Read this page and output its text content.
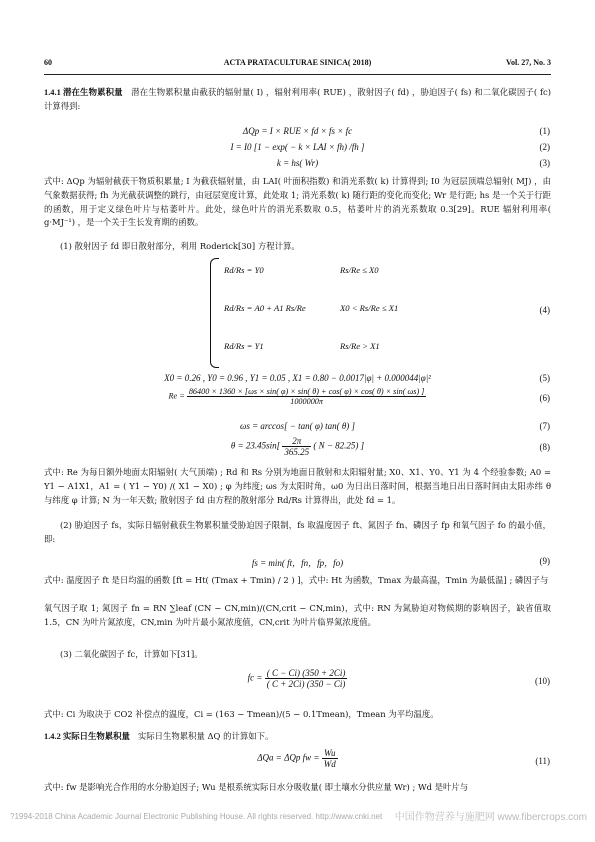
60	ACTA PRATACULTURAE SINICA( 2018)	Vol. 27, No. 3
1.4.1 潜在生物累积量 潜在生物累积量由截获的辐射量( I) ，辐射利用率( RUE) ，散射因子( fd) ，胁迫因子( fs) 和二氧化碳因子( fc) 计算得到:
ΔQp = I × RUE × fd × fs × fc	(1)
I = I0 [1 − exp( − k × LAI × fh) /fh ]	(2)
k = hs( Wr)	(3)
式中: ΔQp 为辐射截获干物质积累量; I 为截获辐射量，由 LAI( 叶面积指数) 和消光系数( k) 计算得到; I0 为冠层顶端总辐射( MJ) ，由气象数据获得; fh 为光截获调整的跳行，由冠层宽度计算，此处取 1; 消光系数( k) 随行距的变化而变化; Wr 是行距; hs 是一个关于行距的函数，用于定义绿色叶片与枯萎叶片。此处，绿色叶片的消光系数取 0.5，枯萎叶片的消光系数取 0.3[29]。RUE 辐射利用率( g·MJ⁻¹) ，是一个关于生长发育期的函数。
(1) 散射因子 fd 即日散射部分，利用 Roderick[30] 方程计算。
Rd/Rs = Y0	Rs/Re ≤ X0
Rd/Rs = A0 + A1 Rs/Re	X0 < Rs/Re ≤ X1
Rd/Rs = Y1	Rs/Re > X1
(4)
X0 = 0.26 , Y0 = 0.96 , Y1 = 0.05 , X1 = 0.80 − 0.0017|φ| + 0.000044|φ|²	(5)
Re = 86400 × 1360 × [ωs × sin( φ) × sin( θ) + cos( φ) × cos( θ) × sin( ωs) ]
1000000π	(6)
ωs = arccos[ − tan( φ) tan( θ) ]	(7)
$\theta = 23.45\sin[ \frac{2\pi}{365.25}$ ( N − 82.25) ]	(8)
式中: Re 为每日额外地面太阳辐射( 大气顶端) ; Rd 和 Rs 分别为地面日散射和太阳辐射量; X0、X1、Y0、Y1 为 4 个经验参数; A0 = Y1 − A1X1，A1 = ( Y1 − Y0) /( X1 − X0) ; φ 为纬度; ωs 为太阳时角，ω0 为日出日落时间，根据当地日出日落时间由太阳赤纬 θ 与纬度 φ 计算; N 为一年天数; 散射因子 fd 由方程的散射部分 Rd/Rs 计算得出，此处 fd = 1。
(2) 胁迫因子 fs，实际日辐射截获生物累积量受胁迫因子限制，fs 取温度因子 ft、氮因子 fn、磷因子 fp 和氧气因子 fo 的最小值，即:
fs = min( ft，fn，fp，fo)	(9)
式中: 温度因子 ft 是日均温的函数 [ft = Ht( (Tmax + Tmin) / 2 ) ]，式中: Ht 为函数，Tmax 为最高温，Tmin 为最低温] ; 磷因子与
氧气因子取 1; 氮因子 fn = RN ∑leaf (CN − CN,min)/(CN,crit − CN,min)，式中: RN 为氮胁迫对物候期的影响因子，缺省值取 1.5，CN 为叶片氮浓度，CN,min 为叶片最小氮浓度值，CN,crit 为叶片临界氮浓度值。
(3) 二氧化碳因子 fc，计算如下[31]。
fc = $\frac{( C - Ci) (350 + 2Ci)}{( C + 2Ci) (350 - Ci)}$	(10)
式中: Ci 为取决于 CO2 补偿点的温度，Ci = (163 − Tmean)/(5 − 0.1Tmean)，Tmean 为平均温度。
1.4.2 实际日生物累积量 实际日生物累积量 ΔQ 的计算如下。
ΔQa = ΔQp fw = $\frac{Wu}{Wd}$	(11)
式中: fw 是影响光合作用的水分胁迫因子; Wu 是根系统实际日水分吸收量( 即土壤水分供应量 Wr) ; Wd 是叶片与
?1994-2018 China Academic Journal Electronic Publishing House. All rights reserved. http://www.cnki.net 中国作物营养与施肥网 www.fibercrops.com
